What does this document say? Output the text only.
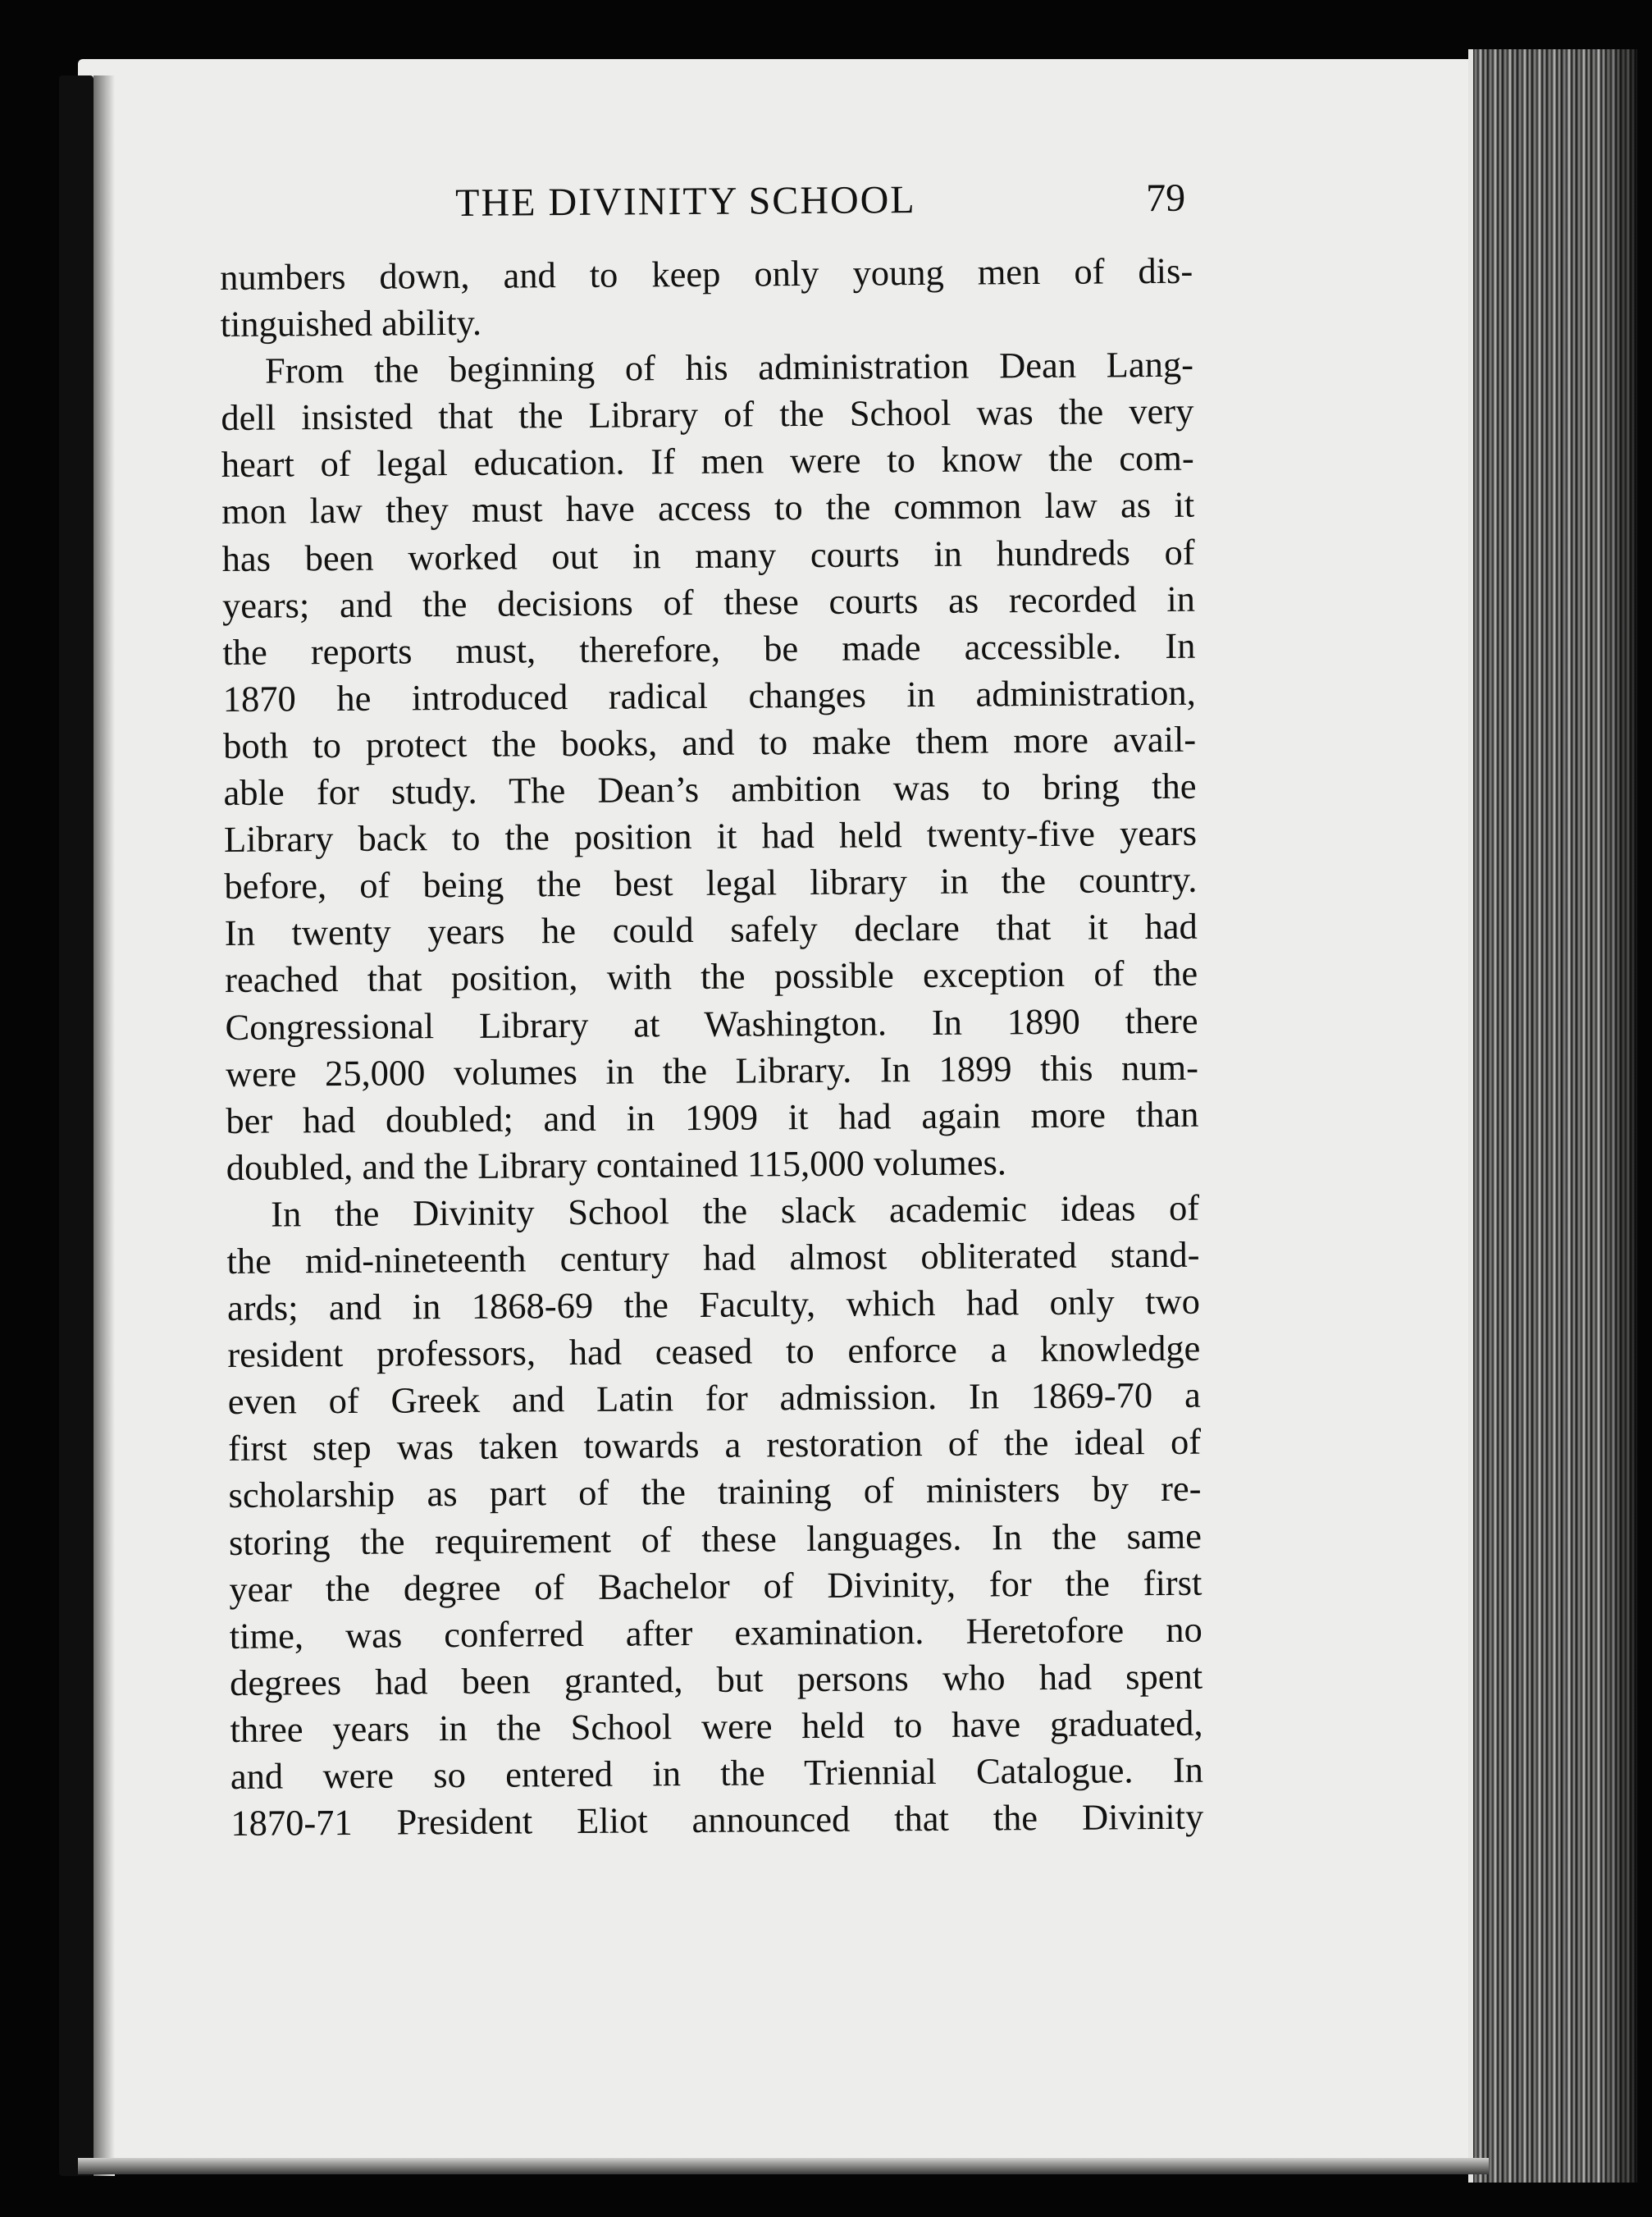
THE DIVINITY SCHOOL	79
numbers down, and to keep only young men of dis-
tinguished ability.
From the beginning of his administration Dean Lang-
dell insisted that the Library of the School was the very
heart of legal education. If men were to know the com-
mon law they must have access to the common law as it
has been worked out in many courts in hundreds of
years; and the decisions of these courts as recorded in
the reports must, therefore, be made accessible. In
1870 he introduced radical changes in administration,
both to protect the books, and to make them more avail-
able for study. The Dean’s ambition was to bring the
Library back to the position it had held twenty-five years
before, of being the best legal library in the country.
In twenty years he could safely declare that it had
reached that position, with the possible exception of the
Congressional Library at Washington. In 1890 there
were 25,000 volumes in the Library. In 1899 this num-
ber had doubled; and in 1909 it had again more than
doubled, and the Library contained 115,000 volumes.
In the Divinity School the slack academic ideas of
the mid-nineteenth century had almost obliterated stand-
ards; and in 1868-69 the Faculty, which had only two
resident professors, had ceased to enforce a knowledge
even of Greek and Latin for admission. In 1869-70 a
first step was taken towards a restoration of the ideal of
scholarship as part of the training of ministers by re-
storing the requirement of these languages. In the same
year the degree of Bachelor of Divinity, for the first
time, was conferred after examination. Heretofore no
degrees had been granted, but persons who had spent
three years in the School were held to have graduated,
and were so entered in the Triennial Catalogue. In
1870-71 President Eliot announced that the Divinity
